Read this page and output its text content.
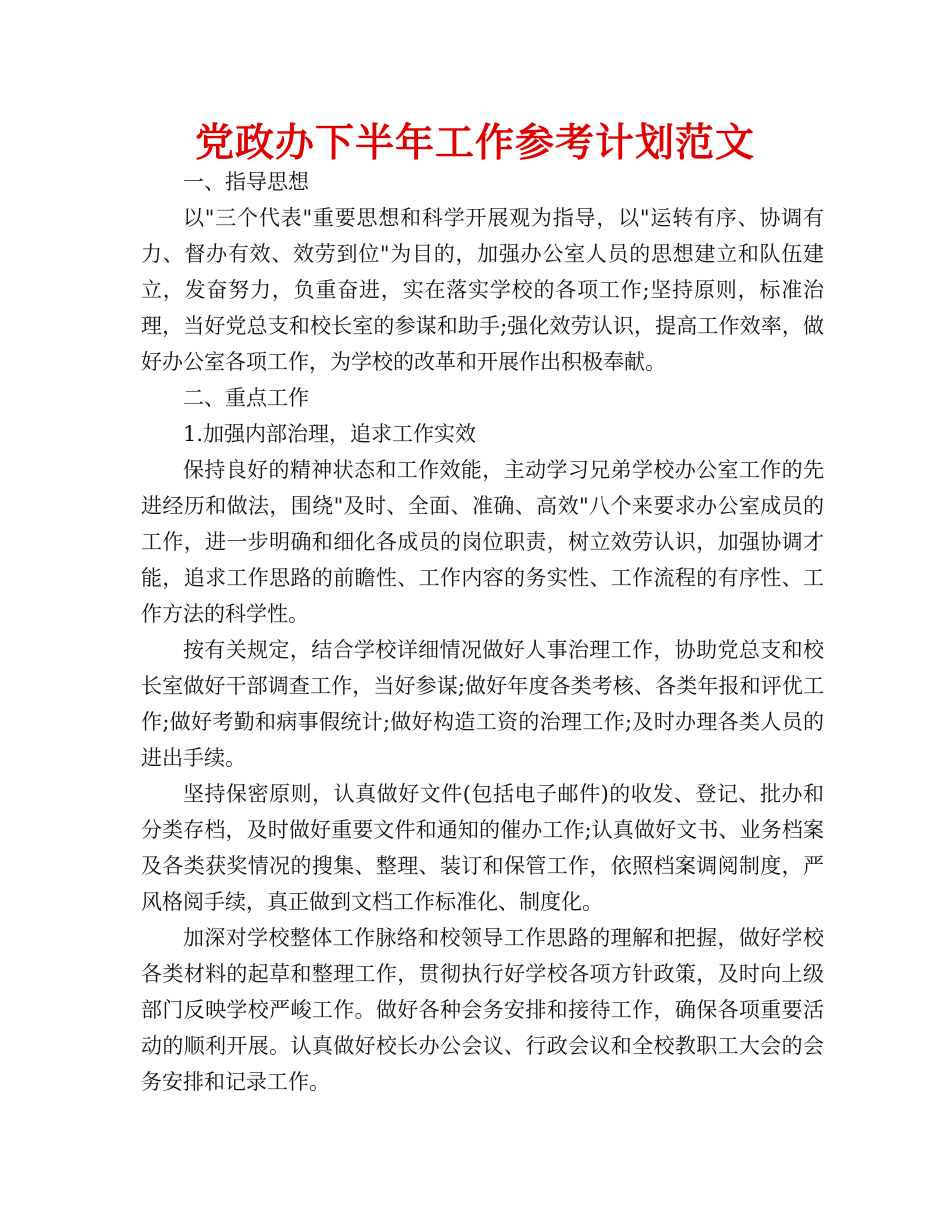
党政办下半年工作参考计划范文

一、指导思想

以"三个代表"重要思想和科学开展观为指导，以"运转有序、协调有力、督办有效、效劳到位"为目的，加强办公室人员的思想建立和队伍建立，发奋努力，负重奋进，实在落实学校的各项工作;坚持原则，标准治理，当好党总支和校长室的参谋和助手;强化效劳认识，提高工作效率，做好办公室各项工作，为学校的改革和开展作出积极奉献。

二、重点工作

1.加强内部治理，追求工作实效

保持良好的精神状态和工作效能，主动学习兄弟学校办公室工作的先进经历和做法，围绕"及时、全面、准确、高效"八个来要求办公室成员的工作，进一步明确和细化各成员的岗位职责，树立效劳认识，加强协调才能，追求工作思路的前瞻性、工作内容的务实性、工作流程的有序性、工作方法的科学性。

按有关规定，结合学校详细情况做好人事治理工作，协助党总支和校长室做好干部调查工作，当好参谋;做好年度各类考核、各类年报和评优工作;做好考勤和病事假统计;做好构造工资的治理工作;及时办理各类人员的进出手续。

坚持保密原则，认真做好文件(包括电子邮件)的收发、登记、批办和分类存档，及时做好重要文件和通知的催办工作;认真做好文书、业务档案及各类获奖情况的搜集、整理、装订和保管工作，依照档案调阅制度，严风格阅手续，真正做到文档工作标准化、制度化。

加深对学校整体工作脉络和校领导工作思路的理解和把握，做好学校各类材料的起草和整理工作，贯彻执行好学校各项方针政策，及时向上级部门反映学校严峻工作。做好各种会务安排和接待工作，确保各项重要活动的顺利开展。认真做好校长办公会议、行政会议和全校教职工大会的会务安排和记录工作。
